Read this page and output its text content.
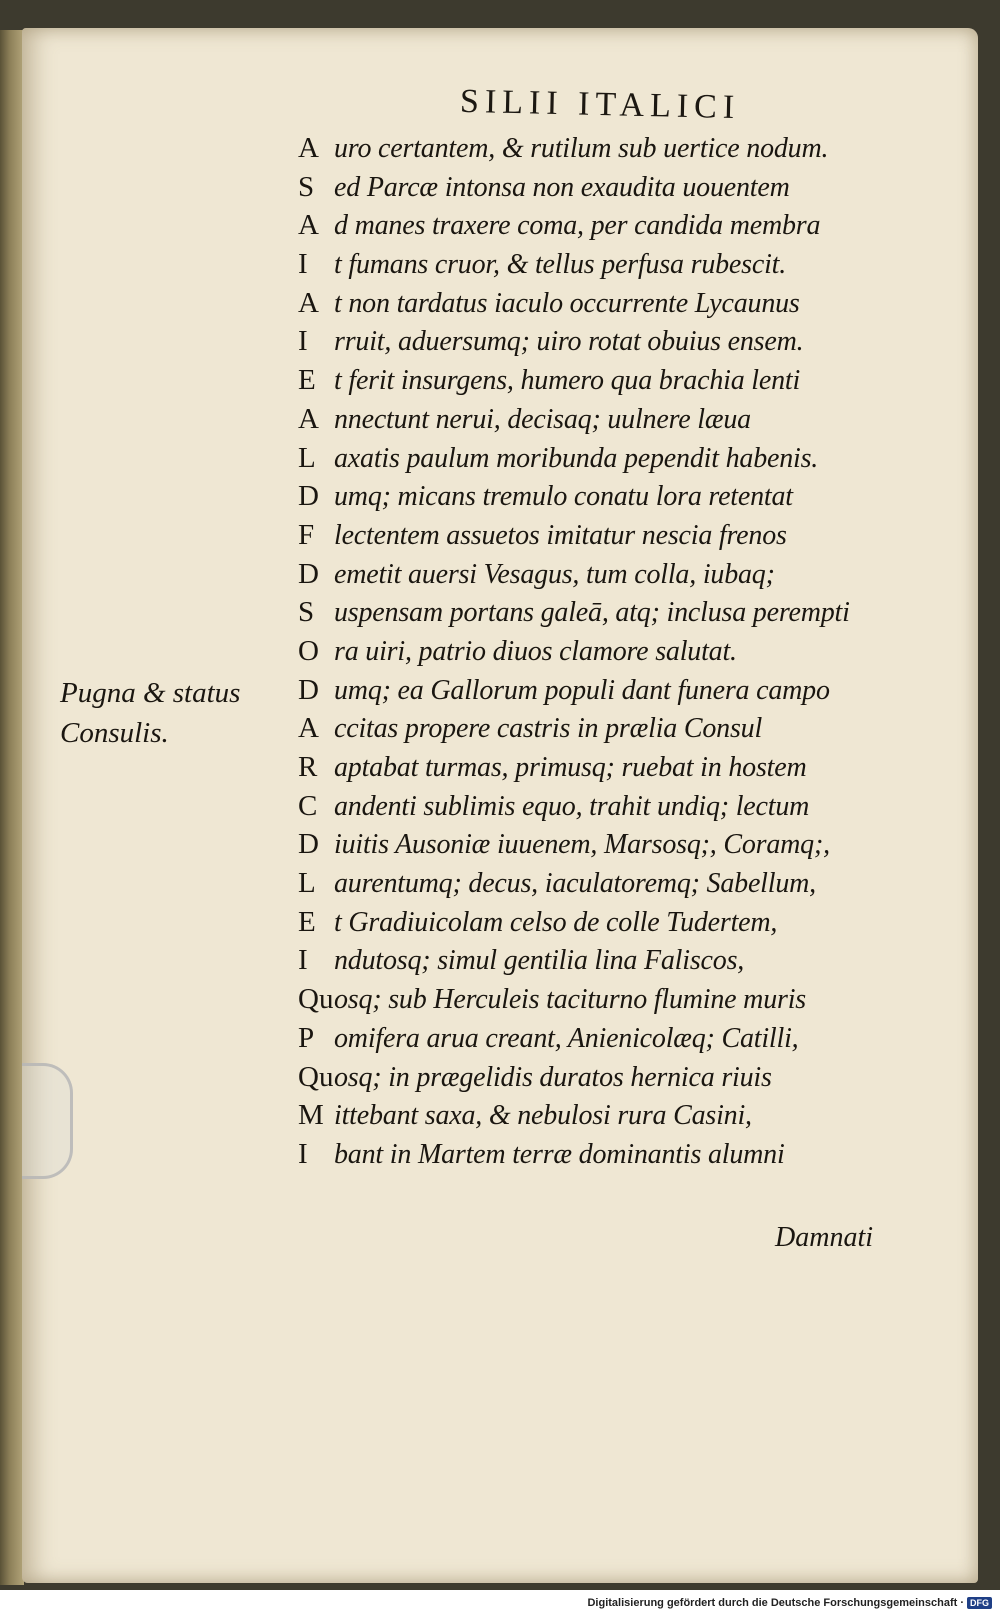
SILII ITALICI
A uro certantem, & rutilum sub uertice nodum.
S ed Parcæ intonsa non exaudita uouentem
A d manes traxere coma, per candida membra
I t fumans cruor, & tellus perfusa rubescit.
A t non tardatus iaculo occurrente Lycaunus
I rruit, aduersumq; uiro rotat obuius ensem.
E t ferit insurgens, humero qua brachia lenti
A nnectunt nerui, decisaq; uulnere læua
L axatis paulum moribunda pependit habenis.
D umq; micans tremulo conatu lora retentat
F lectentem assuetos imitatur nescia frenos
D emetit auersi Vesagus, tum colla, iubaq;
S uspensam portans galeā, atq; inclusa perempti
O ra uiri, patrio diuos clamore salutat.
D umq; ea Gallorum populi dant funera campo
A ccitas propere castris in prælia Consul
R aptabat turmas, primusq; ruebat in hostem
C andenti sublimis equo, trahit undiq; lectum
D iuitis Ausoniæ iuuenem, Marsosq;, Coramq;,
L aurentumq; decus, iaculatoremq; Sabellum,
E t Gradiuicolam celso de colle Tudertem,
I ndutosq; simul gentilia lina Faliscos,
Qu osq; sub Herculeis taciturno flumine muris
P omifera arua creant, Anienicolæq; Catilli,
Qu osq; in prægelidis duratos hernica riuis
M ittebant saxa, & nebulosi rura Casini,
I bant in Martem terræ dominantis alumni
Pugna & status
Consulis.
Damnati
Digitalisierung gefördert durch die Deutsche Forschungsgemeinschaft · DFG
